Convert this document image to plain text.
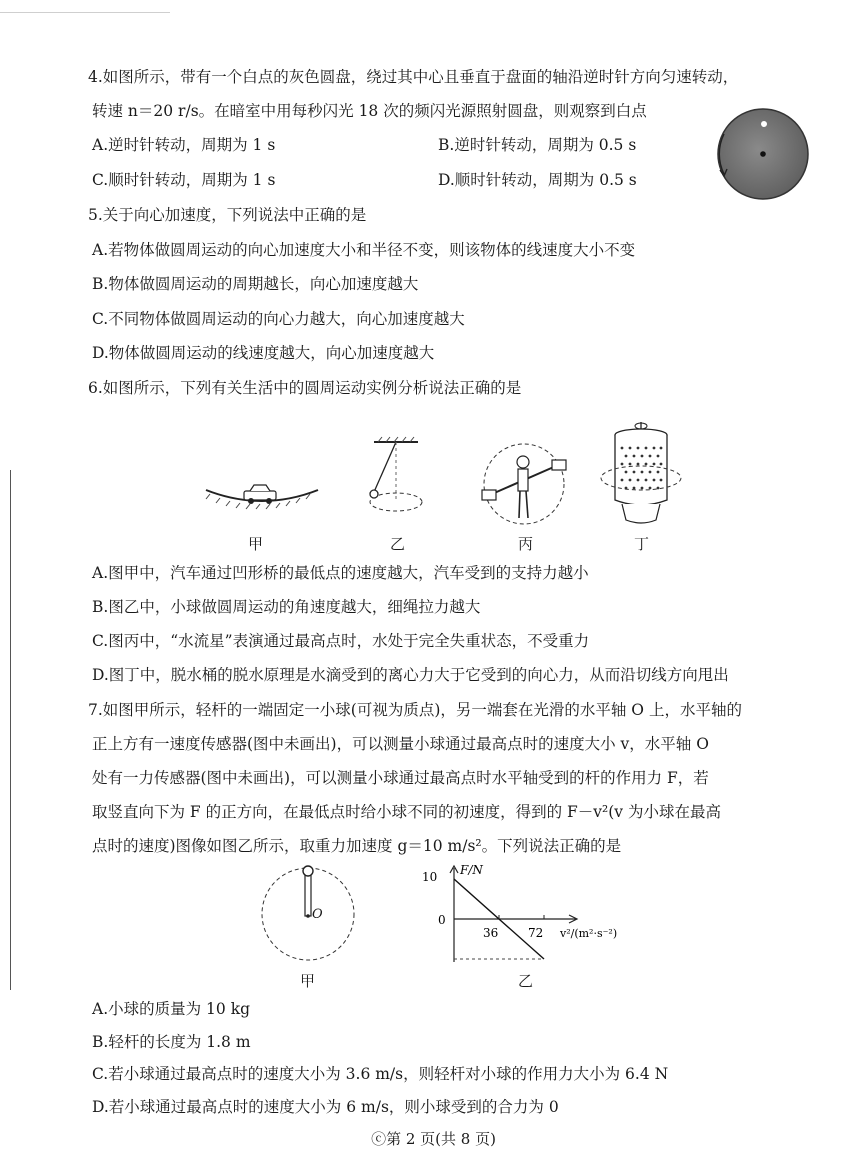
4.如图所示，带有一个白点的灰色圆盘，绕过其中心且垂直于盘面的轴沿逆时针方向匀速转动，
转速 n＝20 r/s。在暗室中用每秒闪光 18 次的频闪光源照射圆盘，则观察到白点
A.逆时针转动，周期为 1 s	B.逆时针转动，周期为 0.5 s
C.顺时针转动，周期为 1 s	D.顺时针转动，周期为 0.5 s
5.关于向心加速度，下列说法中正确的是
A.若物体做圆周运动的向心加速度大小和半径不变，则该物体的线速度大小不变
B.物体做圆周运动的周期越长，向心加速度越大
C.不同物体做圆周运动的向心力越大，向心加速度越大
D.物体做圆周运动的线速度越大，向心加速度越大
6.如图所示，下列有关生活中的圆周运动实例分析说法正确的是
甲	乙	丙	丁
A.图甲中，汽车通过凹形桥的最低点的速度越大，汽车受到的支持力越小
B.图乙中，小球做圆周运动的角速度越大，细绳拉力越大
C.图丙中，“水流星”表演通过最高点时，水处于完全失重状态，不受重力
D.图丁中，脱水桶的脱水原理是水滴受到的离心力大于它受到的向心力，从而沿切线方向甩出
7.如图甲所示，轻杆的一端固定一小球(可视为质点)，另一端套在光滑的水平轴 O 上，水平轴的
正上方有一速度传感器(图中未画出)，可以测量小球通过最高点时的速度大小 v，水平轴 O
处有一力传感器(图中未画出)，可以测量小球通过最高点时水平轴受到的杆的作用力 F，若
取竖直向下为 F 的正方向，在最低点时给小球不同的初速度，得到的 F－v²(v 为小球在最高
点时的速度)图像如图乙所示，取重力加速度 g＝10 m/s²。下列说法正确的是
O
甲
10
0
F/N
36 72 v²/(m²·s⁻²)
乙
A.小球的质量为 10 kg
B.轻杆的长度为 1.8 m
C.若小球通过最高点时的速度大小为 3.6 m/s，则轻杆对小球的作用力大小为 6.4 N
D.若小球通过最高点时的速度大小为 6 m/s，则小球受到的合力为 0
ⓒ第 2 页(共 8 页)
